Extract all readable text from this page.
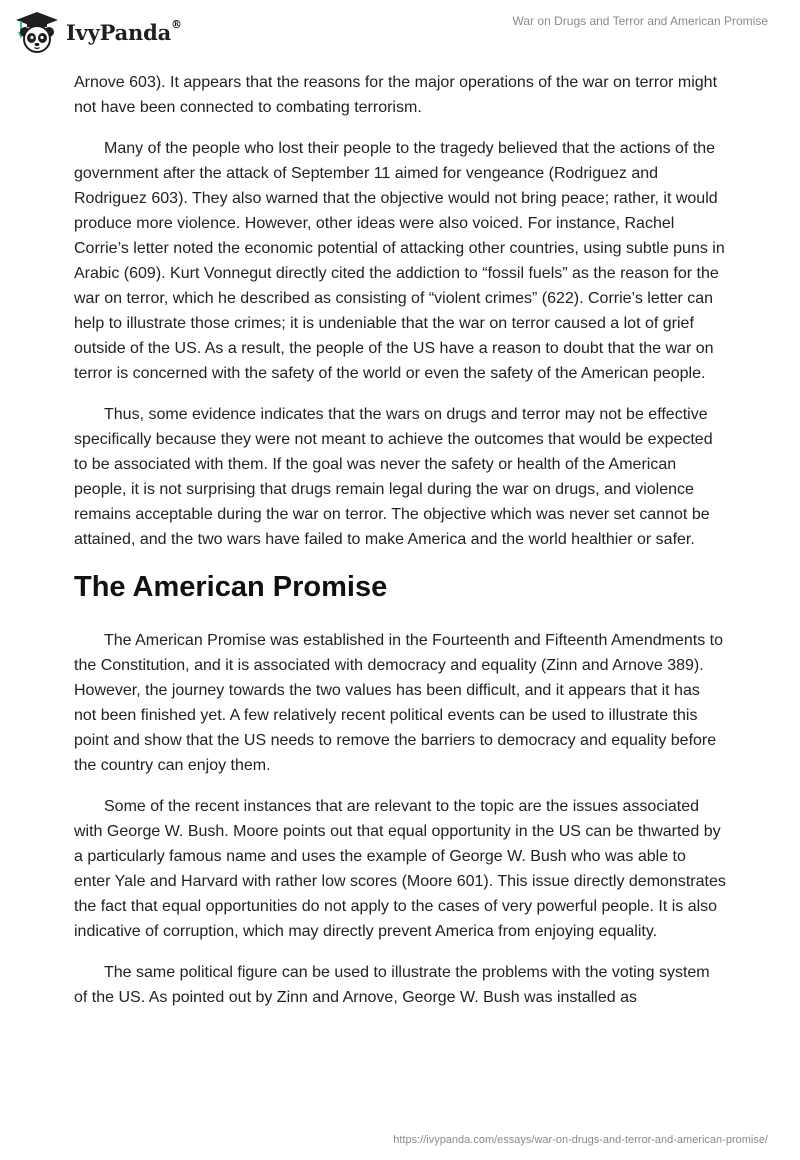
IvyPanda®	War on Drugs and Terror and American Promise

Arnove 603). It appears that the reasons for the major operations of the war on terror might not have been connected to combating terrorism.

Many of the people who lost their people to the tragedy believed that the actions of the government after the attack of September 11 aimed for vengeance (Rodriguez and Rodriguez 603). They also warned that the objective would not bring peace; rather, it would produce more violence. However, other ideas were also voiced. For instance, Rachel Corrie’s letter noted the economic potential of attacking other countries, using subtle puns in Arabic (609). Kurt Vonnegut directly cited the addiction to “fossil fuels” as the reason for the war on terror, which he described as consisting of “violent crimes” (622). Corrie’s letter can help to illustrate those crimes; it is undeniable that the war on terror caused a lot of grief outside of the US. As a result, the people of the US have a reason to doubt that the war on terror is concerned with the safety of the world or even the safety of the American people.

Thus, some evidence indicates that the wars on drugs and terror may not be effective specifically because they were not meant to achieve the outcomes that would be expected to be associated with them. If the goal was never the safety or health of the American people, it is not surprising that drugs remain legal during the war on drugs, and violence remains acceptable during the war on terror. The objective which was never set cannot be attained, and the two wars have failed to make America and the world healthier or safer.

The American Promise

The American Promise was established in the Fourteenth and Fifteenth Amendments to the Constitution, and it is associated with democracy and equality (Zinn and Arnove 389). However, the journey towards the two values has been difficult, and it appears that it has not been finished yet. A few relatively recent political events can be used to illustrate this point and show that the US needs to remove the barriers to democracy and equality before the country can enjoy them.

Some of the recent instances that are relevant to the topic are the issues associated with George W. Bush. Moore points out that equal opportunity in the US can be thwarted by a particularly famous name and uses the example of George W. Bush who was able to enter Yale and Harvard with rather low scores (Moore 601). This issue directly demonstrates the fact that equal opportunities do not apply to the cases of very powerful people. It is also indicative of corruption, which may directly prevent America from enjoying equality.

The same political figure can be used to illustrate the problems with the voting system of the US. As pointed out by Zinn and Arnove, George W. Bush was installed as

https://ivypanda.com/essays/war-on-drugs-and-terror-and-american-promise/
